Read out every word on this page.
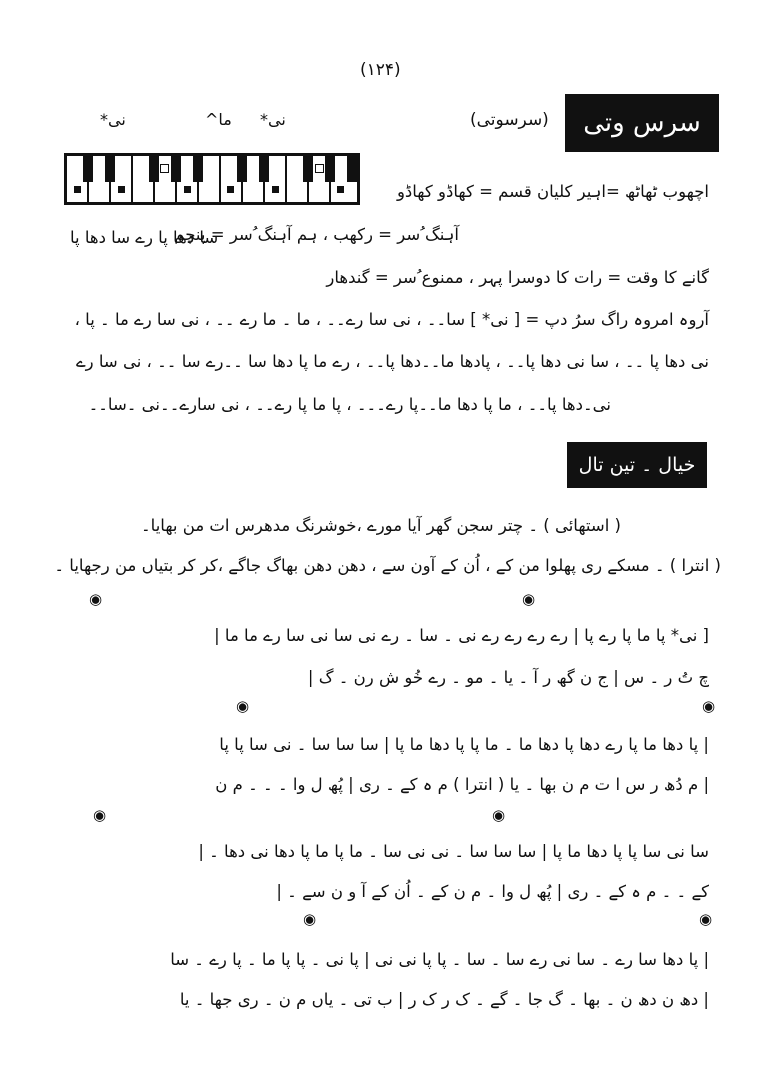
(۱۲۴)
سرس وتی
(سرسوتی)
نی*
ما^
نی*
اچھوب ٹھاٹھ =اہیر کلیان قسم = کھاڈو کھاڈو
آہنگ ُسر = رکھب ، ہم آہنگ ُسر = پنچم
سا دھا پا رے سا دھا پا
گانے کا وقت = رات کا دوسرا پہر ، ممنوع ُسر = گندھار
آروہ امروہ راگ سرُ دپ = [ نی* ] سا۔۔ ، نی سا رے۔۔ ، ما ۔ ما رے ۔۔ ، نی سا رے ما ۔ پا ،
نی دھا پا ۔۔ ، سا نی دھا پا۔۔ ، پادھا ما۔۔دھا پا۔۔ ، رے ما پا دھا سا ۔۔رے سا ۔۔ ، نی سا رے
نی۔دھا پا۔۔ ، ما پا دھا ما۔۔پا رے۔۔۔ ، پا ما پا رے۔۔ ، نی سارے۔۔نی ۔سا۔۔
خیال ۔ تین تال
( استھائی ) ۔ چتر سجن گھر آیا مورے ،خوشرنگ مدھرس ات من بھایا۔
( انترا ) ۔ مسکے ری پھلوا من کے ، اُن کے آون سے ، دھن دھن بھاگ جاگے ،کر کر بتیاں من رجھایا ۔
◉	◉
[ نی* پا ما پا رے پا | رے رے رے رے نی ۔ سا ۔ رے نی سا نی سا رے ما ما |
چ تُ ر ۔ س | ج ن گھ ر آ ۔ یا ۔ مو ۔ رے خُو ش رن ۔ گ |
◉	◉
| پا دھا ما پا رے دھا پا دھا ما ۔ ما پا پا دھا ما پا | سا سا سا ۔ نی سا پا پا
| م دُھ ر س ا ت م ن بھا ۔ یا ( انترا ) م ہ کے ۔ ری | پُھ ل وا ۔ ۔ ۔ م ن
◉	◉
سا نی سا پا پا دھا ما پا | سا سا سا ۔ نی نی سا ۔ ما پا ما پا دھا نی دھا ۔ |
کے ۔ ۔ م ہ کے ۔ ری | پُھ ل وا ۔ م ن کے ۔ اُن کے آ و ن سے ۔ |
◉	◉
| پا دھا سا رے ۔ سا نی رے سا ۔ سا ۔ پا پا نی نی | پا نی ۔ پا پا ما ۔ پا رے ۔ سا
| دھ ن دھ ن ۔ بھا ۔ گ جا ۔ گے ۔ ک ر ک ر | ب تی ۔ یاں م ن ۔ ری جھا ۔ یا
